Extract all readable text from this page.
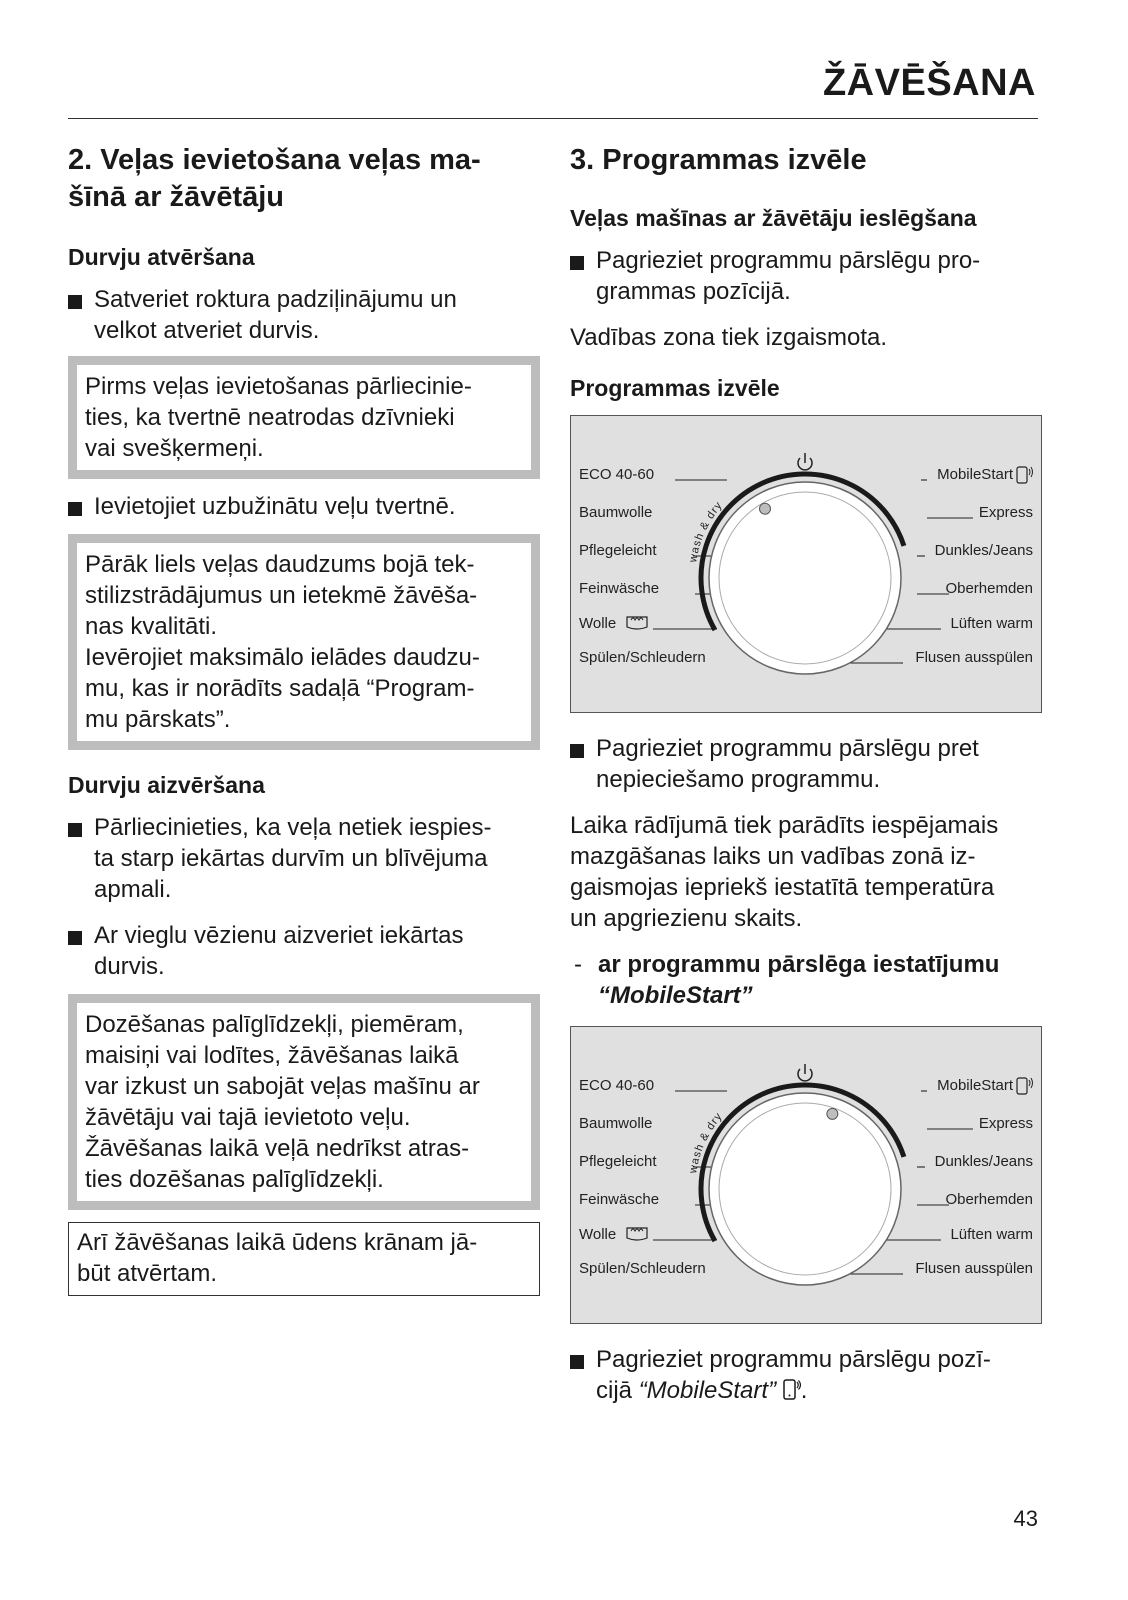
ŽĀVĒŠANA
2. Veļas ievietošana veļas ma-
šīnā ar žāvētāju
Durvju atvēršana
Satveriet roktura padziļinājumu un
velkot atveriet durvis.
Pirms veļas ievietošanas pārliecinie-
ties, ka tvertnē neatrodas dzīvnieki
vai svešķermeņi.
Ievietojiet uzbužinātu veļu tvertnē.
Pārāk liels veļas daudzums bojā tek-
stilizstrādājumus un ietekmē žāvēša-
nas kvalitāti.
Ievērojiet maksimālo ielādes daudzu-
mu, kas ir norādīts sadaļā “Program-
mu pārskats”.
Durvju aizvēršana
Pārliecinieties, ka veļa netiek iespies-
ta starp iekārtas durvīm un blīvējuma
apmali.
Ar vieglu vēzienu aizveriet iekārtas
durvis.
Dozēšanas palīglīdzekļi, piemēram,
maisiņi vai lodītes, žāvēšanas laikā
var izkust un sabojāt veļas mašīnu ar
žāvētāju vai tajā ievietoto veļu.
Žāvēšanas laikā veļā nedrīkst atras-
ties dozēšanas palīglīdzekļi.
Arī žāvēšanas laikā ūdens krānam jā-
būt atvērtam.
3. Programmas izvēle
Veļas mašīnas ar žāvētāju ieslēgšana
Pagrieziet programmu pārslēgu pro-
grammas pozīcijā.

Vadības zona tiek izgaismota.

Programmas izvēle
ECO 40-60
Baumwolle
Pflegeleicht
Feinwäsche
Wolle
Spülen/Schleudern
MobileStart
Express
Dunkles/Jeans
Oberhemden
Lüften warm
Flusen ausspülen
wash & dry
Pagrieziet programmu pārslēgu pret
nepieciešamo programmu.

Laika rādījumā tiek parādīts iespējamais
mazgāšanas laiks un vadības zonā iz-
gaismojas iepriekš iestatītā temperatūra
un apgriezienu skaits.

- ar programmu pārslēga iestatījumu
“MobileStart”
ECO 40-60
Baumwolle
Pflegeleicht
Feinwäsche
Wolle
Spülen/Schleudern
MobileStart
Express
Dunkles/Jeans
Oberhemden
Lüften warm
Flusen ausspülen
wash & dry
Pagrieziet programmu pārslēgu pozī-
cijā “MobileStart” .
43
